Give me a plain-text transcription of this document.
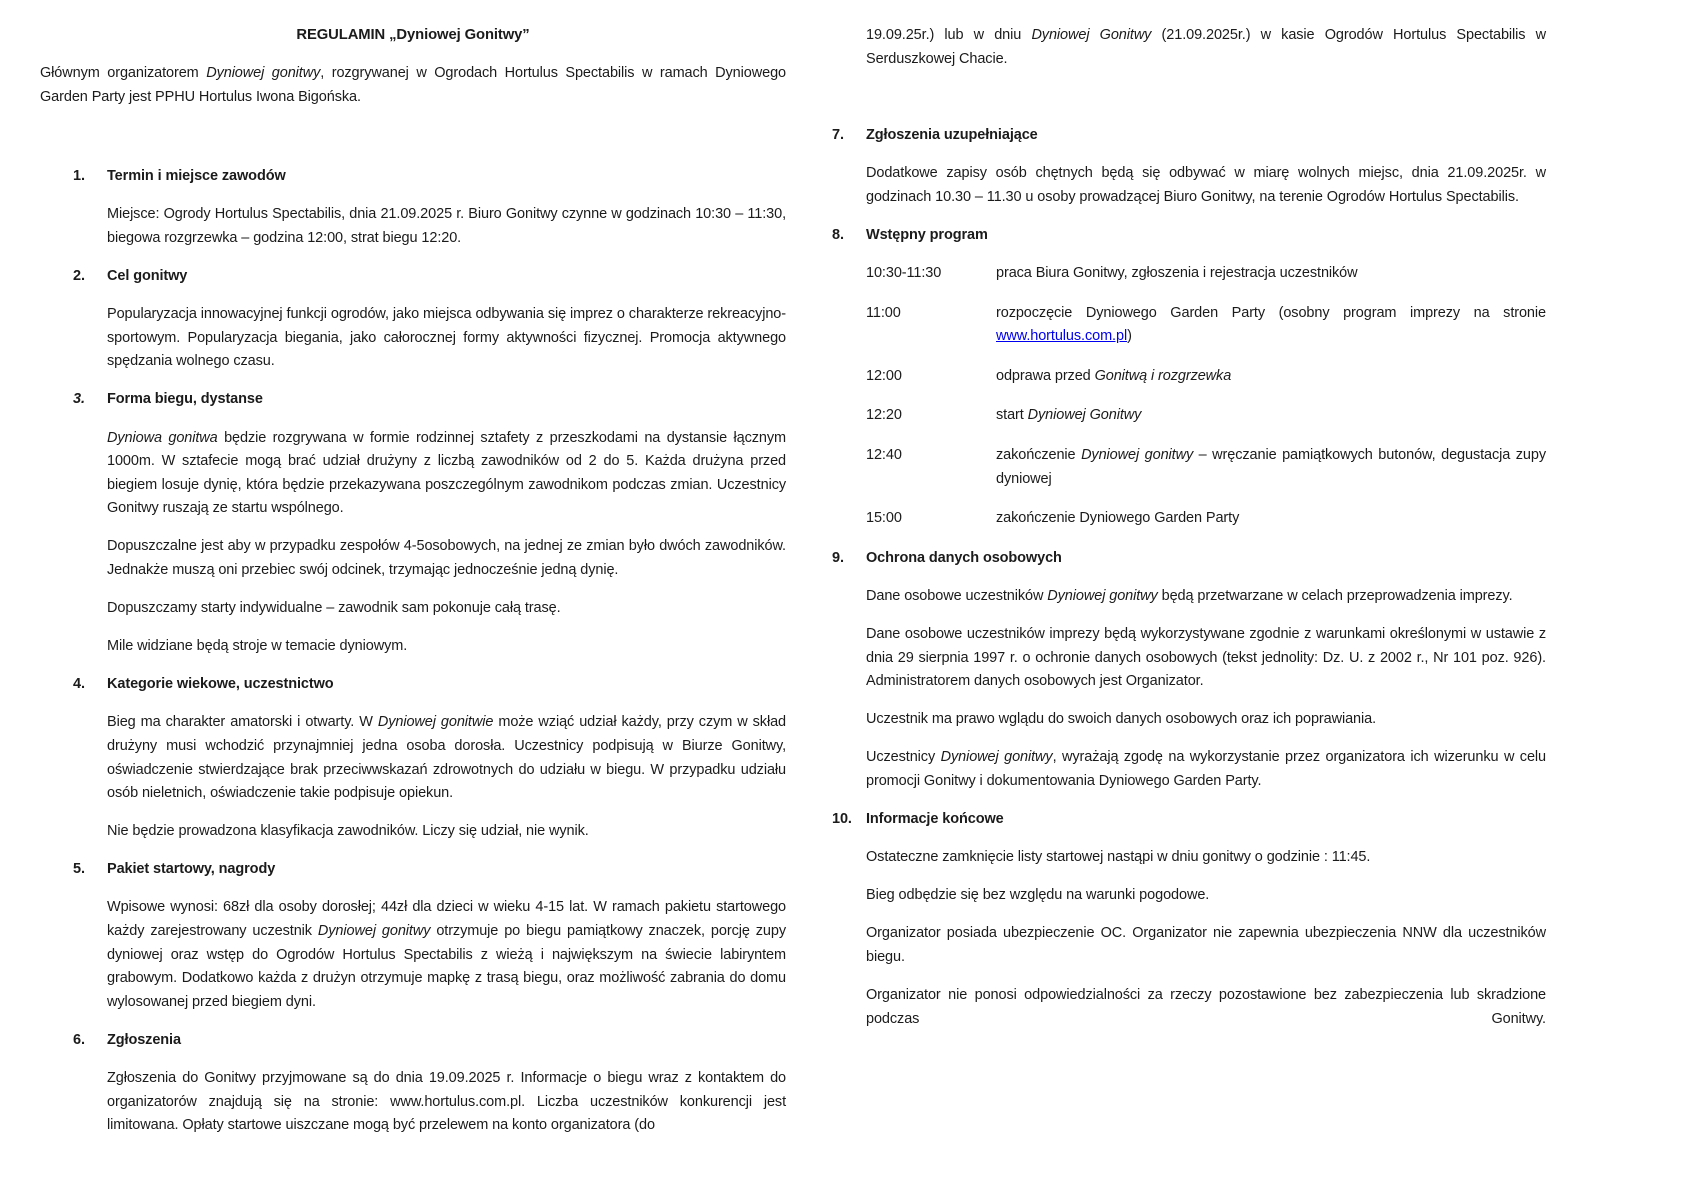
REGULAMIN „Dyniowej Gonitwy”

Głównym organizatorem Dyniowej gonitwy, rozgrywanej w Ogrodach Hortulus Spectabilis w ramach Dyniowego Garden Party jest PPHU Hortulus Iwona Bigońska.

1.	Termin i miejsce zawodów

Miejsce: Ogrody Hortulus Spectabilis, dnia 21.09.2025 r. Biuro Gonitwy czynne w godzinach 10:30 – 11:30, biegowa rozgrzewka – godzina 12:00, strat biegu 12:20.

2.	Cel gonitwy

Popularyzacja innowacyjnej funkcji ogrodów, jako miejsca odbywania się imprez o charakterze rekreacyjno-sportowym. Popularyzacja biegania, jako całorocznej formy aktywności fizycznej. Promocja aktywnego spędzania wolnego czasu.

3.	Forma biegu, dystanse

Dyniowa gonitwa będzie rozgrywana w formie rodzinnej sztafety z przeszkodami na dystansie łącznym 1000m. W sztafecie mogą brać udział drużyny z liczbą zawodników od 2 do 5. Każda drużyna przed biegiem losuje dynię, która będzie przekazywana poszczególnym zawodnikom podczas zmian. Uczestnicy Gonitwy ruszają ze startu wspólnego.

Dopuszczalne jest aby w przypadku zespołów 4-5osobowych, na jednej ze zmian było dwóch zawodników. Jednakże muszą oni przebiec swój odcinek, trzymając jednocześnie jedną dynię.

Dopuszczamy starty indywidualne – zawodnik sam pokonuje całą trasę.

Mile widziane będą stroje w temacie dyniowym.

4.	Kategorie wiekowe, uczestnictwo

Bieg ma charakter amatorski i otwarty. W Dyniowej gonitwie może wziąć udział każdy, przy czym w skład drużyny musi wchodzić przynajmniej jedna osoba dorosła. Uczestnicy podpisują w Biurze Gonitwy, oświadczenie stwierdzające brak przeciwwskazań zdrowotnych do udziału w biegu. W przypadku udziału osób nieletnich, oświadczenie takie podpisuje opiekun.

Nie będzie prowadzona klasyfikacja zawodników. Liczy się udział, nie wynik.

5.	Pakiet startowy, nagrody

Wpisowe wynosi: 68zł dla osoby dorosłej; 44zł dla dzieci w wieku 4-15 lat. W ramach pakietu startowego każdy zarejestrowany uczestnik Dyniowej gonitwy otrzymuje po biegu pamiątkowy znaczek, porcję zupy dyniowej oraz wstęp do Ogrodów Hortulus Spectabilis z wieżą i największym na świecie labiryntem grabowym. Dodatkowo każda z drużyn otrzymuje mapkę z trasą biegu, oraz możliwość zabrania do domu wylosowanej przed biegiem dyni.

6.	Zgłoszenia

Zgłoszenia do Gonitwy przyjmowane są do dnia 19.09.2025 r. Informacje o biegu wraz z kontaktem do organizatorów znajdują się na stronie: www.hortulus.com.pl. Liczba uczestników konkurencji jest limitowana. Opłaty startowe uiszczane mogą być przelewem na konto organizatora (do

19.09.25r.) lub w dniu Dyniowej Gonitwy (21.09.2025r.) w kasie Ogrodów Hortulus Spectabilis w Serduszkowej Chacie.

7.	Zgłoszenia uzupełniające

Dodatkowe zapisy osób chętnych będą się odbywać w miarę wolnych miejsc, dnia 21.09.2025r. w godzinach 10.30 – 11.30 u osoby prowadzącej Biuro Gonitwy, na terenie Ogrodów Hortulus Spectabilis.

8.	Wstępny program
10:30-11:30	praca Biura Gonitwy, zgłoszenia i rejestracja uczestników
11:00	rozpoczęcie Dyniowego Garden Party (osobny program imprezy na stronie www.hortulus.com.pl)
12:00	odprawa przed Gonitwą i rozgrzewka
12:20	start Dyniowej Gonitwy
12:40	zakończenie Dyniowej gonitwy – wręczanie pamiątkowych butonów, degustacja zupy dyniowej
15:00	zakończenie Dyniowego Garden Party
9.	Ochrona danych osobowych

Dane osobowe uczestników Dyniowej gonitwy będą przetwarzane w celach przeprowadzenia imprezy.

Dane osobowe uczestników imprezy będą wykorzystywane zgodnie z warunkami określonymi w ustawie z dnia 29 sierpnia 1997 r. o ochronie danych osobowych (tekst jednolity: Dz. U. z 2002 r., Nr 101 poz. 926). Administratorem danych osobowych jest Organizator.

Uczestnik ma prawo wglądu do swoich danych osobowych oraz ich poprawiania.

Uczestnicy Dyniowej gonitwy, wyrażają zgodę na wykorzystanie przez organizatora ich wizerunku w celu promocji Gonitwy i dokumentowania Dyniowego Garden Party.

10. Informacje końcowe

Ostateczne zamknięcie listy startowej nastąpi w dniu gonitwy o godzinie : 11:45.

Bieg odbędzie się bez względu na warunki pogodowe.

Organizator posiada ubezpieczenie OC. Organizator nie zapewnia ubezpieczenia NNW dla uczestników biegu.

Organizator nie ponosi odpowiedzialności za rzeczy pozostawione bez zabezpieczenia lub skradzione podczas Gonitwy.
